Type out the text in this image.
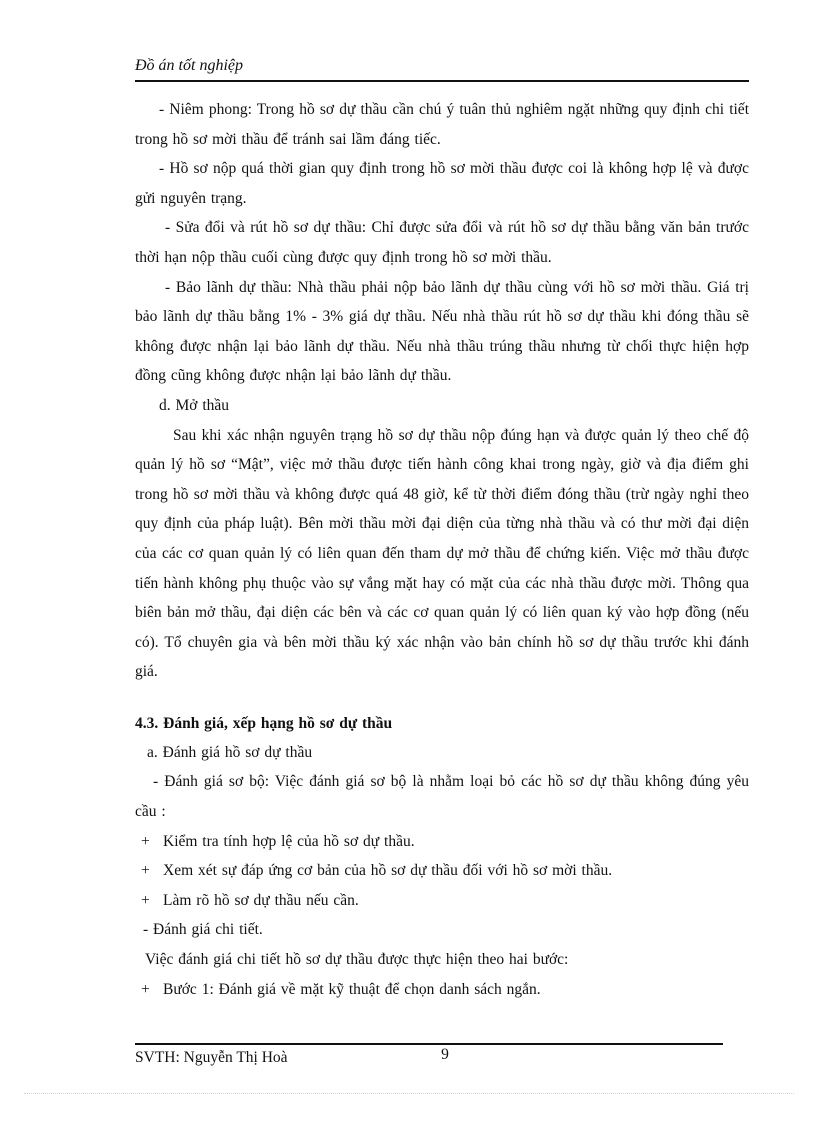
Đồ án tốt nghiệp

- Niêm phong: Trong hồ sơ dự thầu cần chú ý tuân thủ nghiêm ngặt những quy định chi tiết trong hồ sơ mời thầu để tránh sai lầm đáng tiếc.

- Hồ sơ nộp quá thời gian quy định trong hồ sơ mời thầu được coi là không hợp lệ và được gửi nguyên trạng.

- Sửa đổi và rút hồ sơ dự thầu: Chỉ được sửa đổi và rút hồ sơ dự thầu bằng văn bản trước thời hạn nộp thầu cuối cùng được quy định trong hồ sơ mời thầu.

- Bảo lãnh dự thầu: Nhà thầu phải nộp bảo lãnh dự thầu cùng với hồ sơ mời thầu. Giá trị bảo lãnh dự thầu bằng 1% - 3% giá dự thầu. Nếu nhà thầu rút hồ sơ dự thầu khi đóng thầu sẽ không được nhận lại bảo lãnh dự thầu. Nếu nhà thầu trúng thầu nhưng từ chối thực hiện hợp đồng cũng không được nhận lại bảo lãnh dự thầu.

d. Mở thầu

Sau khi xác nhận nguyên trạng hồ sơ dự thầu nộp đúng hạn và được quản lý theo chế độ quản lý hồ sơ “Mật”, việc mở thầu được tiến hành công khai trong ngày, giờ và địa điểm ghi trong hồ sơ mời thầu và không được quá 48 giờ, kể từ thời điểm đóng thầu (trừ ngày nghỉ theo quy định của pháp luật). Bên mời thầu mời đại diện của từng nhà thầu và có thư mời đại diện của các cơ quan quản lý có liên quan đến tham dự mở thầu để chứng kiến. Việc mở thầu được tiến hành không phụ thuộc vào sự vắng mặt hay có mặt của các nhà thầu được mời. Thông qua biên bản mở thầu, đại diện các bên và các cơ quan quản lý có liên quan ký vào hợp đồng (nếu có). Tổ chuyên gia và bên mời thầu ký xác nhận vào bản chính hồ sơ dự thầu trước khi đánh giá.

4.3. Đánh giá, xếp hạng hồ sơ dự thầu

a. Đánh giá hồ sơ dự thầu

- Đánh giá sơ bộ: Việc đánh giá sơ bộ là nhằm loại bỏ các hồ sơ dự thầu không đúng yêu cầu :

+ Kiểm tra tính hợp lệ của hồ sơ dự thầu.

+ Xem xét sự đáp ứng cơ bản của hồ sơ dự thầu đối với hồ sơ mời thầu.

+ Làm rõ hồ sơ dự thầu nếu cần.

- Đánh giá chi tiết.

Việc đánh giá chi tiết hồ sơ dự thầu được thực hiện theo hai bước:

+ Bước 1: Đánh giá về mặt kỹ thuật để chọn danh sách ngắn.

SVTH: Nguyễn Thị Hoà	9
